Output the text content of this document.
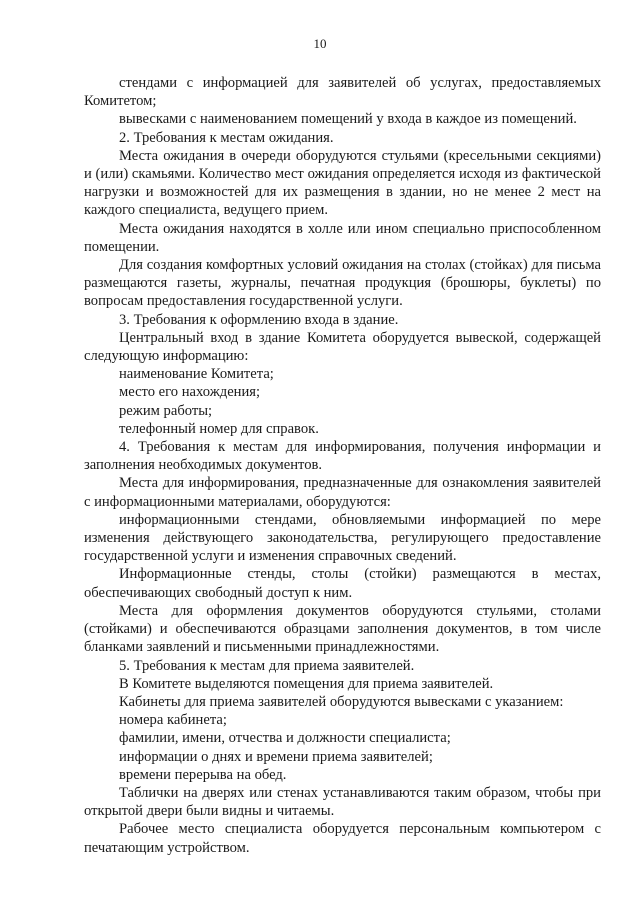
10

стендами с информацией для заявителей об услугах, предоставляемых Комитетом;

вывесками с наименованием помещений у входа в каждое из помещений.

2. Требования к местам ожидания.

Места ожидания в очереди оборудуются стульями (кресельными секциями) и (или) скамьями. Количество мест ожидания определяется исходя из фактической нагрузки и возможностей для их размещения в здании, но не менее 2 мест на каждого специалиста, ведущего прием.

Места ожидания находятся в холле или ином специально приспособленном помещении.

Для создания комфортных условий ожидания на столах (стойках) для письма размещаются газеты, журналы, печатная продукция (брошюры, буклеты) по вопросам предоставления государственной услуги.

3. Требования к оформлению входа в здание.

Центральный вход в здание Комитета оборудуется вывеской, содержащей следующую информацию:

наименование Комитета;

место его нахождения;

режим работы;

телефонный номер для справок.

4. Требования к местам для информирования, получения информации и заполнения необходимых документов.

Места для информирования, предназначенные для ознакомления заявителей с информационными материалами, оборудуются:

информационными стендами, обновляемыми информацией по мере изменения действующего законодательства, регулирующего предоставление государственной услуги и изменения справочных сведений.

Информационные стенды, столы (стойки) размещаются в местах, обеспечивающих свободный доступ к ним.

Места для оформления документов оборудуются стульями, столами (стойками) и обеспечиваются образцами заполнения документов, в том числе бланками заявлений и письменными принадлежностями.

5. Требования к местам для приема заявителей.

В Комитете выделяются помещения для приема заявителей.

Кабинеты для приема заявителей оборудуются вывесками с указанием:

номера кабинета;

фамилии, имени, отчества и должности специалиста;

информации о днях и времени приема заявителей;

времени перерыва на обед.

Таблички на дверях или стенах устанавливаются таким образом, чтобы при открытой двери были видны и читаемы.

Рабочее место специалиста оборудуется персональным компьютером с печатающим устройством.
